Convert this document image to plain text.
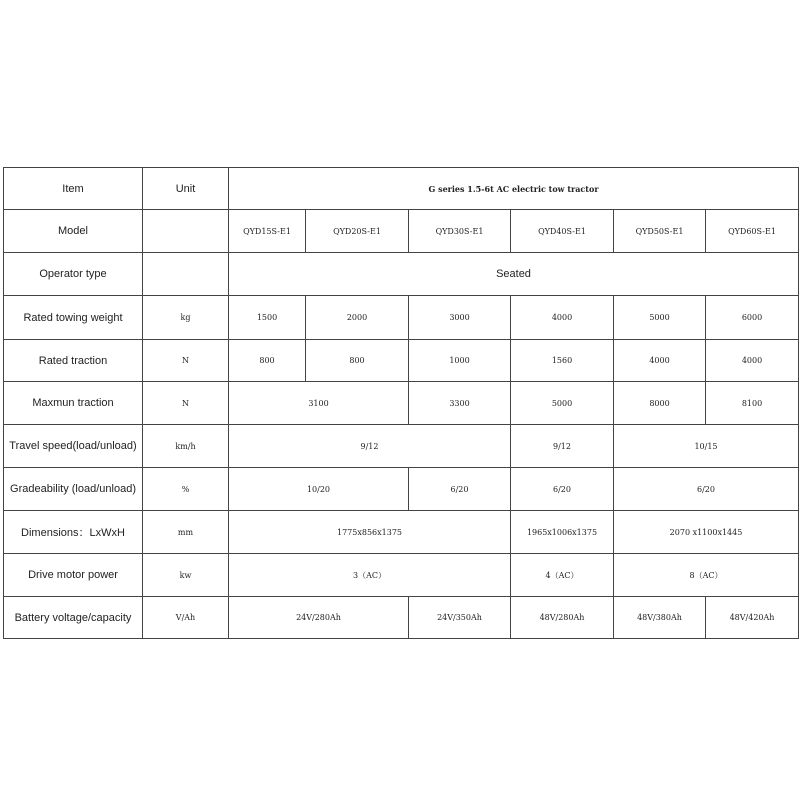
Item	Unit	G series 1.5-6t AC electric tow tractor					
Model		QYD15S-E1	QYD20S-E1	QYD30S-E1	QYD40S-E1	QYD50S-E1	QYD60S-E1
Operator type		Seated					
Rated towing weight	kg	1500	2000	3000	4000	5000	6000
Rated traction	N	800	800	1000	1560	4000	4000
Maxmun traction	N	3100		3300	5000	8000	8100
Travel speed(load/unload)	km/h	9/12			9/12	10/15	
Gradeability (load/unload)	%	10/20		6/20	6/20	6/20	
Dimensions：LxWxH	mm	1775x856x1375			1965x1006x1375	2070 x1100x1445	
Drive motor power	kw	3（AC）			4（AC）	8（AC）	
Battery voltage/capacity	V/Ah	24V/280Ah		24V/350Ah	48V/280Ah	48V/380Ah	48V/420Ah
